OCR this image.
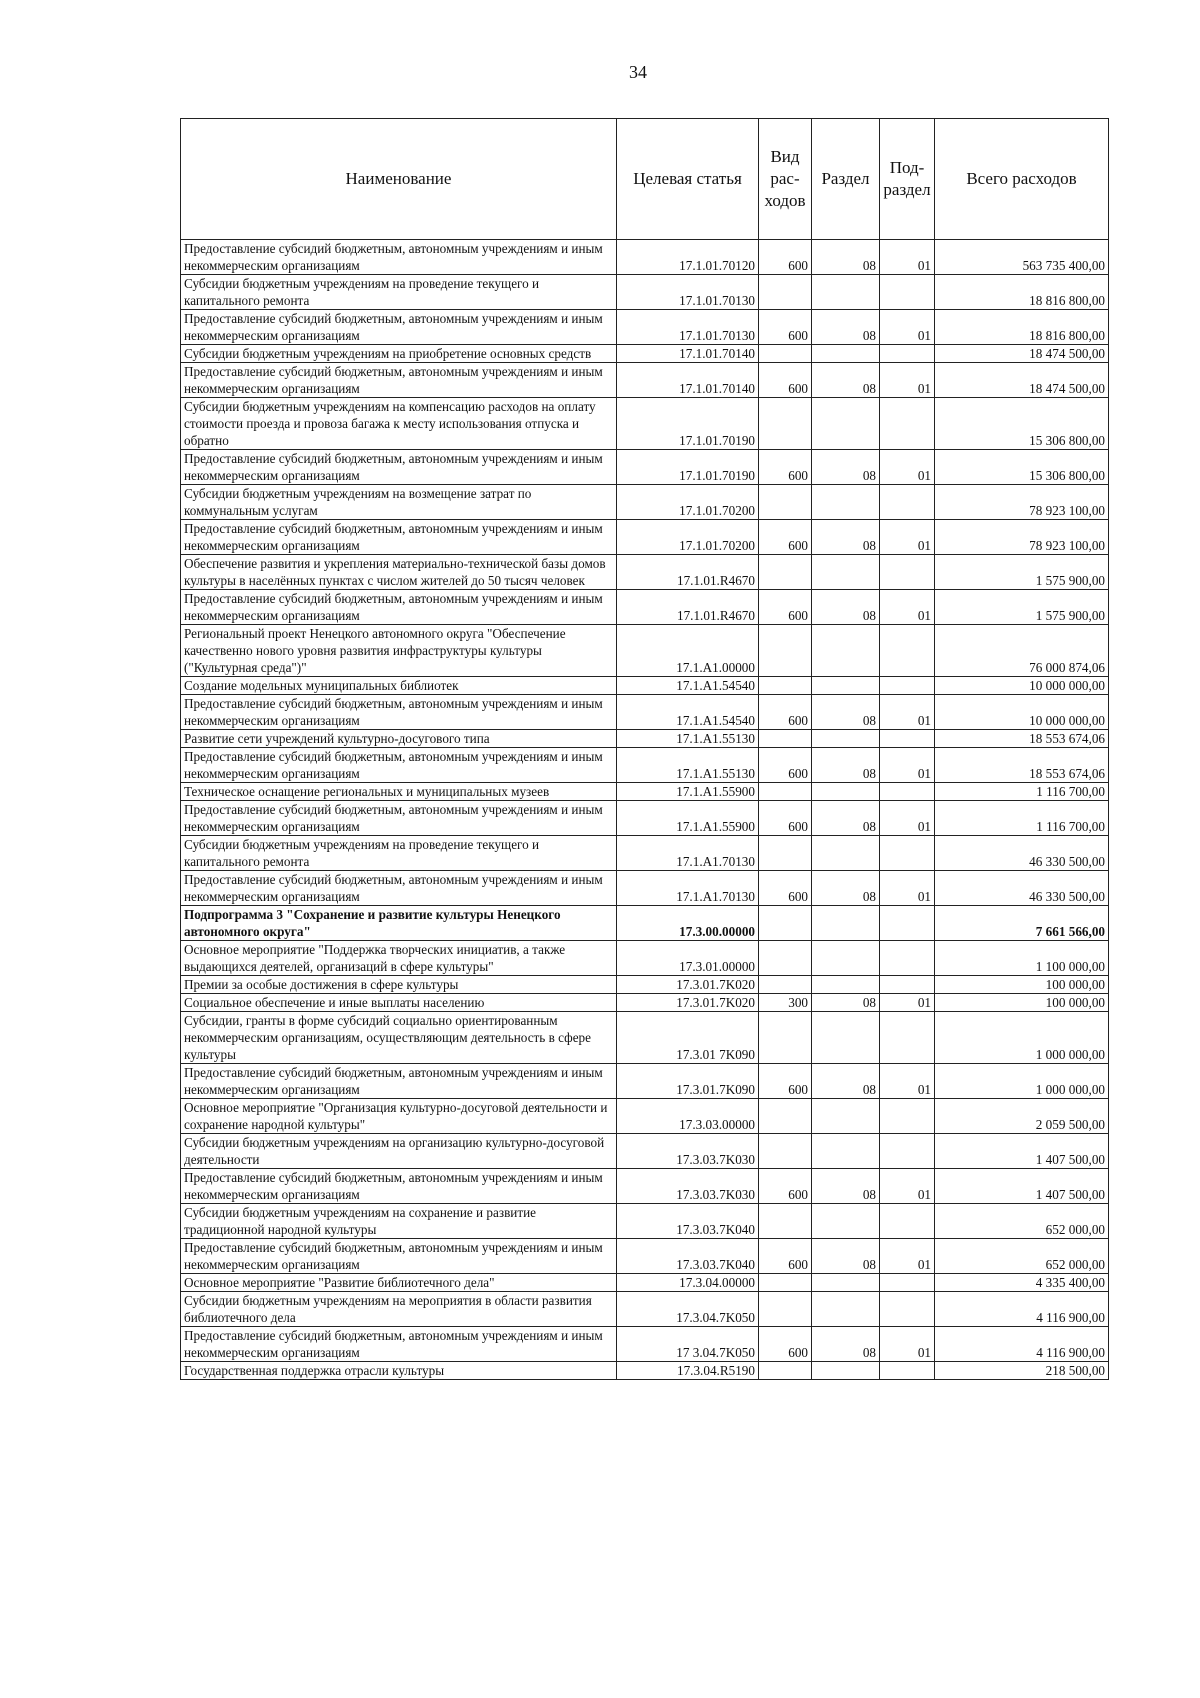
34
Наименование	Целевая статья	Вид рас- ходов	Раздел	Под- раздел	Всего расходов
Предоставление субсидий бюджетным, автономным учреждениям и иным некоммерческим организациям	17.1.01.70120	600	08	01	563 735 400,00
Субсидии бюджетным учреждениям на проведение текущего и капитального ремонта	17.1.01.70130				18 816 800,00
Предоставление субсидий бюджетным, автономным учреждениям и иным некоммерческим организациям	17.1.01.70130	600	08	01	18 816 800,00
Субсидии бюджетным учреждениям на приобретение основных средств	17.1.01.70140				18 474 500,00
Предоставление субсидий бюджетным, автономным учреждениям и иным некоммерческим организациям	17.1.01.70140	600	08	01	18 474 500,00
Субсидии бюджетным учреждениям на компенсацию расходов на оплату стоимости проезда и провоза багажа к месту использования отпуска и обратно	17.1.01.70190				15 306 800,00
Предоставление субсидий бюджетным, автономным учреждениям и иным некоммерческим организациям	17.1.01.70190	600	08	01	15 306 800,00
Субсидии бюджетным учреждениям на возмещение затрат по коммунальным услугам	17.1.01.70200				78 923 100,00
Предоставление субсидий бюджетным, автономным учреждениям и иным некоммерческим организациям	17.1.01.70200	600	08	01	78 923 100,00
Обеспечение развития и укрепления материально-технической базы домов культуры в населённых пунктах с числом жителей до 50 тысяч человек	17.1.01.R4670				1 575 900,00
Предоставление субсидий бюджетным, автономным учреждениям и иным некоммерческим организациям	17.1.01.R4670	600	08	01	1 575 900,00
Региональный проект Ненецкого автономного округа "Обеспечение качественно нового уровня развития инфраструктуры культуры ("Культурная среда")"	17.1.A1.00000				76 000 874,06
Создание модельных муниципальных библиотек	17.1.A1.54540				10 000 000,00
Предоставление субсидий бюджетным, автономным учреждениям и иным некоммерческим организациям	17.1.A1.54540	600	08	01	10 000 000,00
Развитие сети учреждений культурно-досугового типа	17.1.A1.55130				18 553 674,06
Предоставление субсидий бюджетным, автономным учреждениям и иным некоммерческим организациям	17.1.A1.55130	600	08	01	18 553 674,06
Техническое оснащение региональных и муниципальных музеев	17.1.A1.55900				1 116 700,00
Предоставление субсидий бюджетным, автономным учреждениям и иным некоммерческим организациям	17.1.A1.55900	600	08	01	1 116 700,00
Субсидии бюджетным учреждениям на проведение текущего и капитального ремонта	17.1.A1.70130				46 330 500,00
Предоставление субсидий бюджетным, автономным учреждениям и иным некоммерческим организациям	17.1.A1.70130	600	08	01	46 330 500,00
Подпрограмма 3 "Сохранение и развитие культуры Ненецкого автономного округа"	17.3.00.00000				7 661 566,00
Основное мероприятие "Поддержка творческих инициатив, а также выдающихся деятелей, организаций в сфере культуры"	17.3.01.00000				1 100 000,00
Премии за особые достижения в сфере культуры	17.3.01.7K020				100 000,00
Социальное обеспечение и иные выплаты населению	17.3.01.7K020	300	08	01	100 000,00
Субсидии, гранты в форме субсидий социально ориентированным некоммерческим организациям, осуществляющим деятельность в сфере культуры	17.3.01 7K090				1 000 000,00
Предоставление субсидий бюджетным, автономным учреждениям и иным некоммерческим организациям	17.3.01.7K090	600	08	01	1 000 000,00
Основное мероприятие "Организация культурно-досуговой деятельности и сохранение народной культуры"	17.3.03.00000				2 059 500,00
Субсидии бюджетным учреждениям на организацию культурно-досуговой деятельности	17.3.03.7K030				1 407 500,00
Предоставление субсидий бюджетным, автономным учреждениям и иным некоммерческим организациям	17.3.03.7K030	600	08	01	1 407 500,00
Субсидии бюджетным учреждениям на сохранение и развитие традиционной народной культуры	17.3.03.7K040				652 000,00
Предоставление субсидий бюджетным, автономным учреждениям и иным некоммерческим организациям	17.3.03.7K040	600	08	01	652 000,00
Основное мероприятие "Развитие библиотечного дела"	17.3.04.00000				4 335 400,00
Субсидии бюджетным учреждениям на мероприятия в области развития библиотечного дела	17.3.04.7K050				4 116 900,00
Предоставление субсидий бюджетным, автономным учреждениям и иным некоммерческим организациям	17 3.04.7K050	600	08	01	4 116 900,00
Государственная поддержка отрасли культуры	17.3.04.R5190				218 500,00
